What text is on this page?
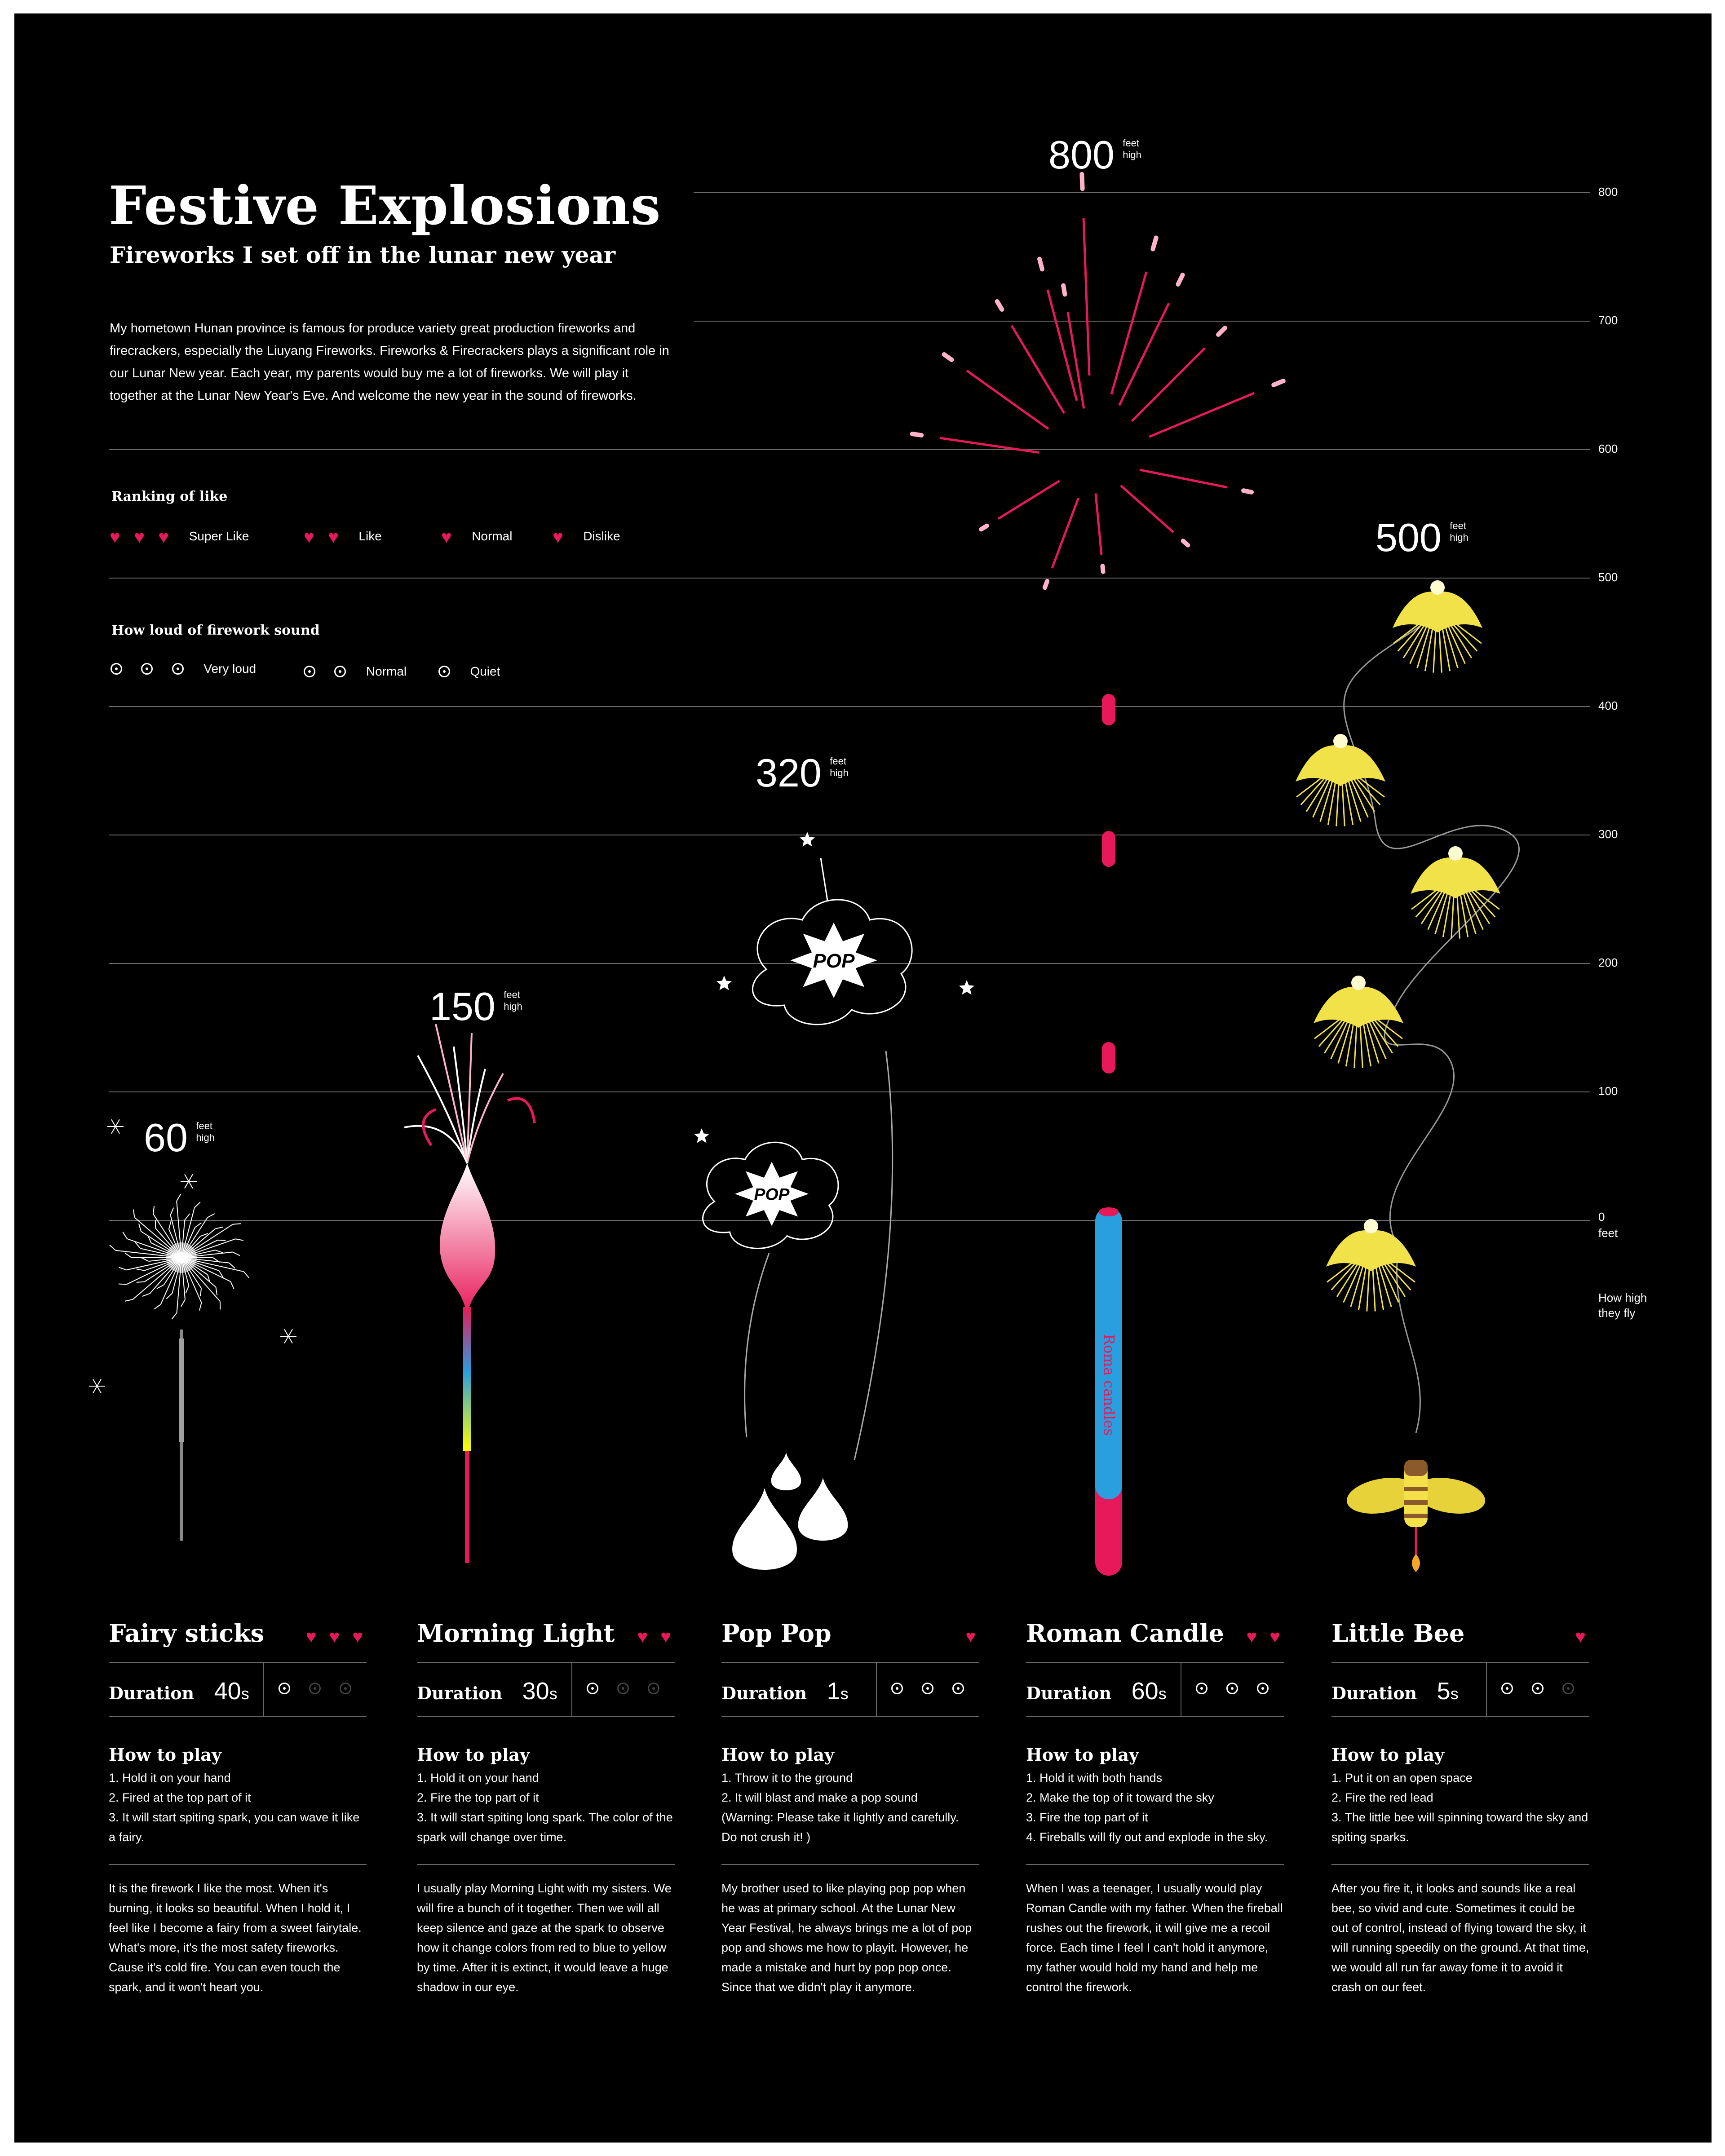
POP
POP
Roma candles
Festive Explosions
Fireworks I set off in the lunar new year
My hometown Hunan province is famous for produce variety great production fireworks and firecrackers, especially the Liuyang Fireworks. Fireworks & Firecrackers plays a significant role in our Lunar New year. Each year, my parents would buy me a lot of fireworks. We will play it together at the Lunar New Year's Eve. And welcome the new year in the sound of fireworks.
Ranking of like
♥ ♥ ♥ Super Like	♥ ♥ Like	♥ Normal ♥ Dislike
How loud of firework sound
Very loud	Normal	Quiet
800
700
600
500
400
300
200
100
0
feet
How high they fly
60 feet
high
150 feet
high
320 feet
high
800 feet
high
500 feet
high
Fairy sticks ♥ ♥ ♥
Duration 40s
How to play
1. Hold it on your hand
2. Fired at the top part of it
3. It will start spiting spark, you can wave it like a fairy.
It is the firework I like the most. When it's burning, it looks so beautiful. When I hold it, I feel like I become a fairy from a sweet fairytale. What's more, it's the most safety fireworks. Cause it's cold fire. You can even touch the spark, and it won't heart you.
Morning Light ♥ ♥
Duration 30s
How to play
1. Hold it on your hand
2. Fire the top part of it
3. It will start spiting long spark. The color of the spark will change over time.
I usually play Morning Light with my sisters. We will fire a bunch of it together. Then we will all keep silence and gaze at the spark to observe how it change colors from red to blue to yellow by time. After it is extinct, it would leave a huge shadow in our eye.
Pop Pop	♥
Duration 1s
How to play
1. Throw it to the ground
2. It will blast and make a pop sound
(Warning: Please take it lightly and carefully.
Do not crush it! )
My brother used to like playing pop pop when he was at primary school. At the Lunar New Year Festival, he always brings me a lot of pop pop and shows me how to playit. However, he made a mistake and hurt by pop pop once. Since that we didn't play it anymore.
Roman Candle ♥ ♥
Duration 60s
How to play
1. Hold it with both hands
2. Make the top of it toward the sky
3. Fire the top part of it
4. Fireballs will fly out and explode in the sky.
When I was a teenager, I usually would play Roman Candle with my father. When the fireball rushes out the firework, it will give me a recoil force. Each time I feel I can't hold it anymore, my father would hold my hand and help me control the firework.
Little Bee	♥
Duration 5s
How to play
1. Put it on an open space
2. Fire the red lead
3. The little bee will spinning toward the sky and spiting sparks.
After you fire it, it looks and sounds like a real bee, so vivid and cute. Sometimes it could be out of control, instead of flying toward the sky, it will running speedily on the ground. At that time, we would all run far away fome it to avoid it crash on our feet.
